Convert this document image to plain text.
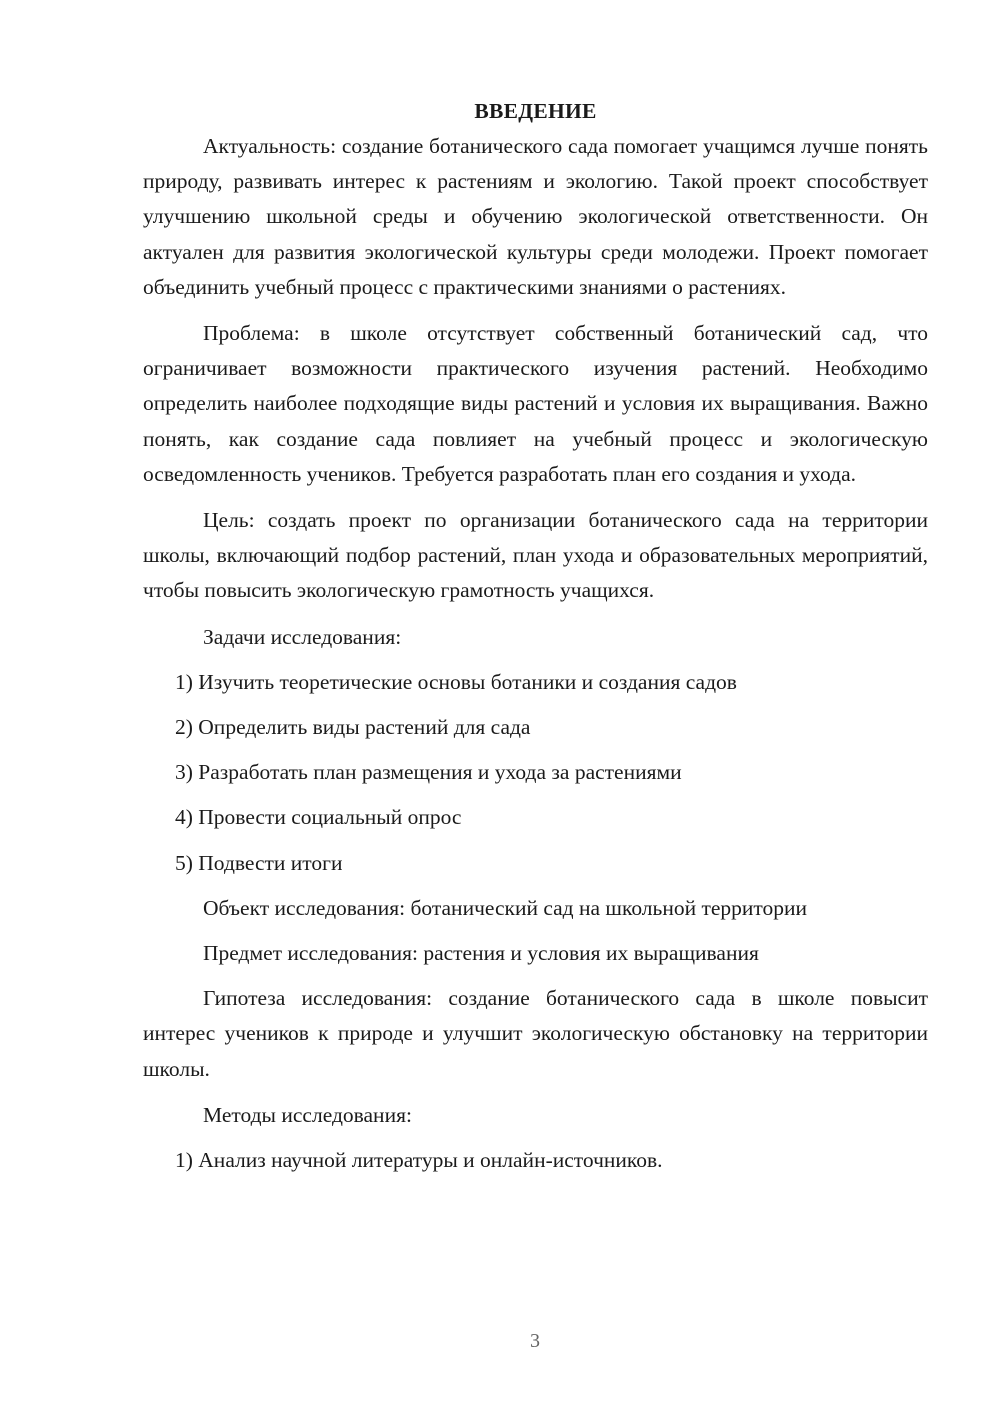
ВВЕДЕНИЕ
Актуальность: создание ботанического сада помогает учащимся лучше понять природу, развивать интерес к растениям и экологию. Такой проект способствует улучшению школьной среды и обучению экологической ответственности. Он актуален для развития экологической культуры среди молодежи. Проект помогает объединить учебный процесс с практическими знаниями о растениях.
Проблема: в школе отсутствует собственный ботанический сад, что ограничивает возможности практического изучения растений. Необходимо определить наиболее подходящие виды растений и условия их выращивания. Важно понять, как создание сада повлияет на учебный процесс и экологическую осведомленность учеников. Требуется разработать план его создания и ухода.
Цель: создать проект по организации ботанического сада на территории школы, включающий подбор растений, план ухода и образовательных мероприятий, чтобы повысить экологическую грамотность учащихся.
Задачи исследования:
1) Изучить теоретические основы ботаники и создания садов
2) Определить виды растений для сада
3) Разработать план размещения и ухода за растениями
4) Провести социальный опрос
5) Подвести итоги
Объект исследования: ботанический сад на школьной территории
Предмет исследования: растения и условия их выращивания
Гипотеза исследования: создание ботанического сада в школе повысит интерес учеников к природе и улучшит экологическую обстановку на территории школы.
Методы исследования:
1) Анализ научной литературы и онлайн-источников.
3
